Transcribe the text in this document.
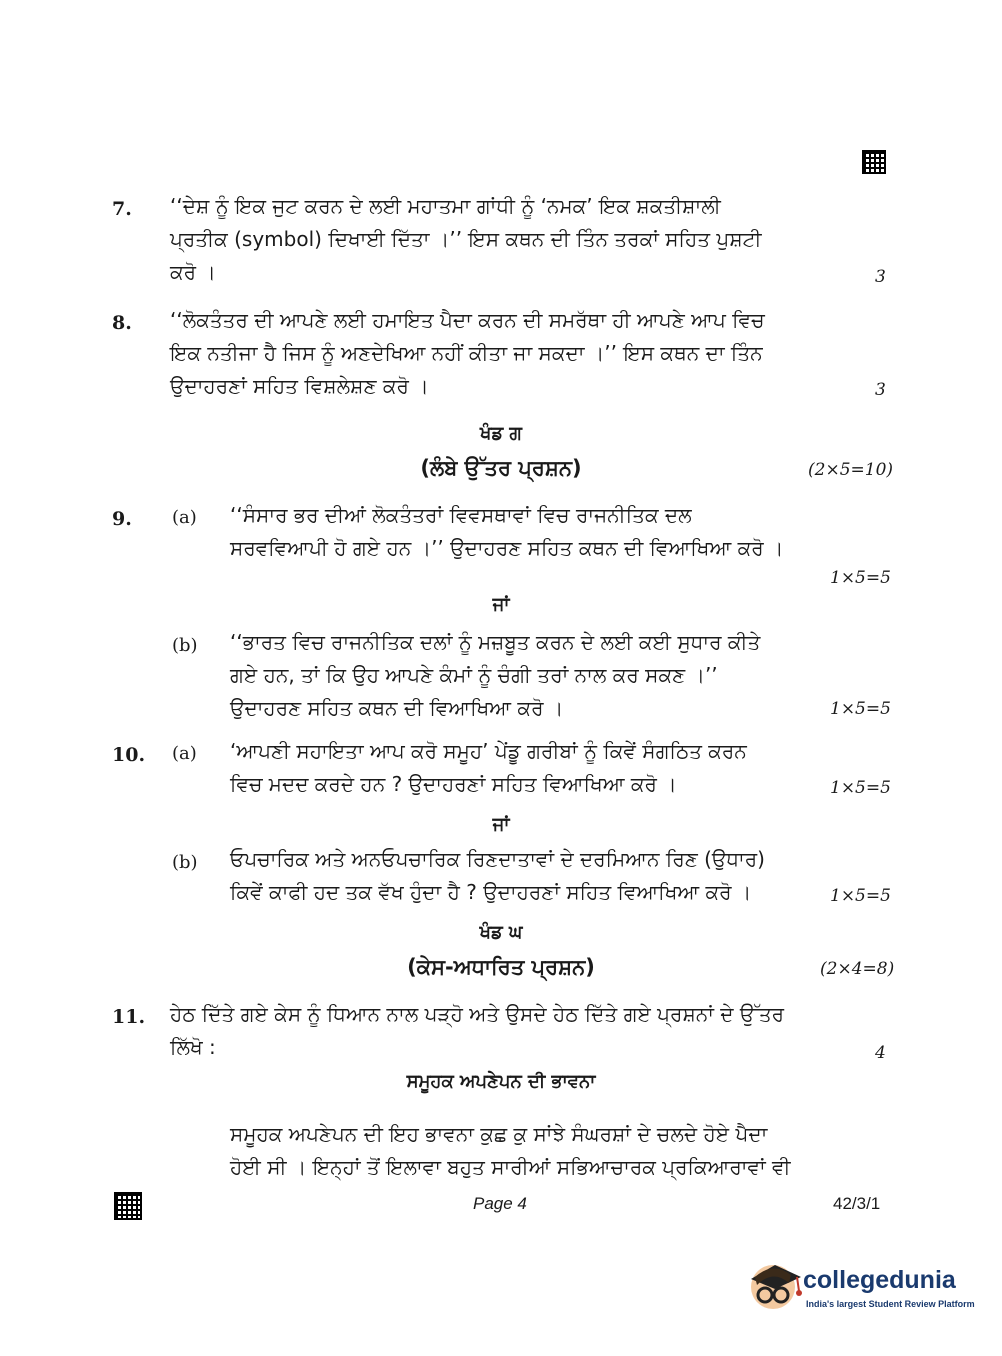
7. ‘‘ਦੇਸ਼ ਨੂੰ ਇਕ ਜੁਟ ਕਰਨ ਦੇ ਲਈ ਮਹਾਤਮਾ ਗਾਂਧੀ ਨੂੰ ‘ਨਮਕ’ ਇਕ ਸ਼ਕਤੀਸ਼ਾਲੀ
ਪ੍ਰਤੀਕ (symbol) ਦਿਖਾਈ ਦਿੱਤਾ ।’’ ਇਸ ਕਥਨ ਦੀ ਤਿੰਨ ਤਰਕਾਂ ਸਹਿਤ ਪੁਸ਼ਟੀ
ਕਰੋ ।	3
8. ‘‘ਲੋਕਤੰਤਰ ਦੀ ਆਪਣੇ ਲਈ ਹਮਾਇਤ ਪੈਦਾ ਕਰਨ ਦੀ ਸਮਰੱਥਾ ਹੀ ਆਪਣੇ ਆਪ ਵਿਚ
ਇਕ ਨਤੀਜਾ ਹੈ ਜਿਸ ਨੂੰ ਅਣਦੇਖਿਆ ਨਹੀਂ ਕੀਤਾ ਜਾ ਸਕਦਾ ।’’ ਇਸ ਕਥਨ ਦਾ ਤਿੰਨ
ਉਦਾਹਰਣਾਂ ਸਹਿਤ ਵਿਸ਼ਲੇਸ਼ਣ ਕਰੋ ।	3
ਖੰਡ ਗ
(ਲੰਬੇ ਉੱਤਰ ਪ੍ਰਸ਼ਨ)	(2×5=10)
9. (a) ‘‘ਸੰਸਾਰ ਭਰ ਦੀਆਂ ਲੋਕਤੰਤਰਾਂ ਵਿਵਸਥਾਵਾਂ ਵਿਚ ਰਾਜਨੀਤਿਕ ਦਲ
ਸਰਵਵਿਆਪੀ ਹੋ ਗਏ ਹਨ ।’’ ਉਦਾਹਰਣ ਸਹਿਤ ਕਥਨ ਦੀ ਵਿਆਖਿਆ ਕਰੋ ।
1×5=5
ਜਾਂ
(b) ‘‘ਭਾਰਤ ਵਿਚ ਰਾਜਨੀਤਿਕ ਦਲਾਂ ਨੂੰ ਮਜ਼ਬੂਤ ਕਰਨ ਦੇ ਲਈ ਕਈ ਸੁਧਾਰ ਕੀਤੇ
ਗਏ ਹਨ, ਤਾਂ ਕਿ ਉਹ ਆਪਣੇ ਕੰਮਾਂ ਨੂੰ ਚੰਗੀ ਤਰਾਂ ਨਾਲ ਕਰ ਸਕਣ ।’’
ਉਦਾਹਰਣ ਸਹਿਤ ਕਥਨ ਦੀ ਵਿਆਖਿਆ ਕਰੋ ।	1×5=5
10. (a) ‘ਆਪਣੀ ਸਹਾਇਤਾ ਆਪ ਕਰੋ ਸਮੂਹ’ ਪੇਂਡੂ ਗਰੀਬਾਂ ਨੂੰ ਕਿਵੇਂ ਸੰਗਠਿਤ ਕਰਨ
ਵਿਚ ਮਦਦ ਕਰਦੇ ਹਨ ? ਉਦਾਹਰਣਾਂ ਸਹਿਤ ਵਿਆਖਿਆ ਕਰੋ ।	1×5=5
ਜਾਂ
(b) ਓਪਚਾਰਿਕ ਅਤੇ ਅਨਓਪਚਾਰਿਕ ਰਿਣਦਾਤਾਵਾਂ ਦੇ ਦਰਮਿਆਨ ਰਿਣ (ਉਧਾਰ)
ਕਿਵੇਂ ਕਾਫੀ ਹਦ ਤਕ ਵੱਖ ਹੁੰਦਾ ਹੈ ? ਉਦਾਹਰਣਾਂ ਸਹਿਤ ਵਿਆਖਿਆ ਕਰੋ ।	1×5=5
ਖੰਡ ਘ
(ਕੇਸ-ਅਧਾਰਿਤ ਪ੍ਰਸ਼ਨ)	(2×4=8)
11. ਹੇਠ ਦਿੱਤੇ ਗਏ ਕੇਸ ਨੂੰ ਧਿਆਨ ਨਾਲ ਪੜ੍ਹੋ ਅਤੇ ਉਸਦੇ ਹੇਠ ਦਿੱਤੇ ਗਏ ਪ੍ਰਸ਼ਨਾਂ ਦੇ ਉੱਤਰ
ਲਿੱਖੋ :	4
ਸਮੂਹਕ ਅਪਣੇਪਨ ਦੀ ਭਾਵਨਾ
ਸਮੂਹਕ ਅਪਣੇਪਨ ਦੀ ਇਹ ਭਾਵਨਾ ਕੁਛ ਕੁ ਸਾਂਝੇ ਸੰਘਰਸ਼ਾਂ ਦੇ ਚਲਦੇ ਹੋਏ ਪੈਦਾ
ਹੋਈ ਸੀ । ਇਨ੍ਹਾਂ ਤੋਂ ਇਲਾਵਾ ਬਹੁਤ ਸਾਰੀਆਂ ਸਭਿਆਚਾਰਕ ਪ੍ਰਕਿਆਰਾਵਾਂ ਵੀ
Page 4	42/3/1
collegedunia
India's largest Student Review Platform
